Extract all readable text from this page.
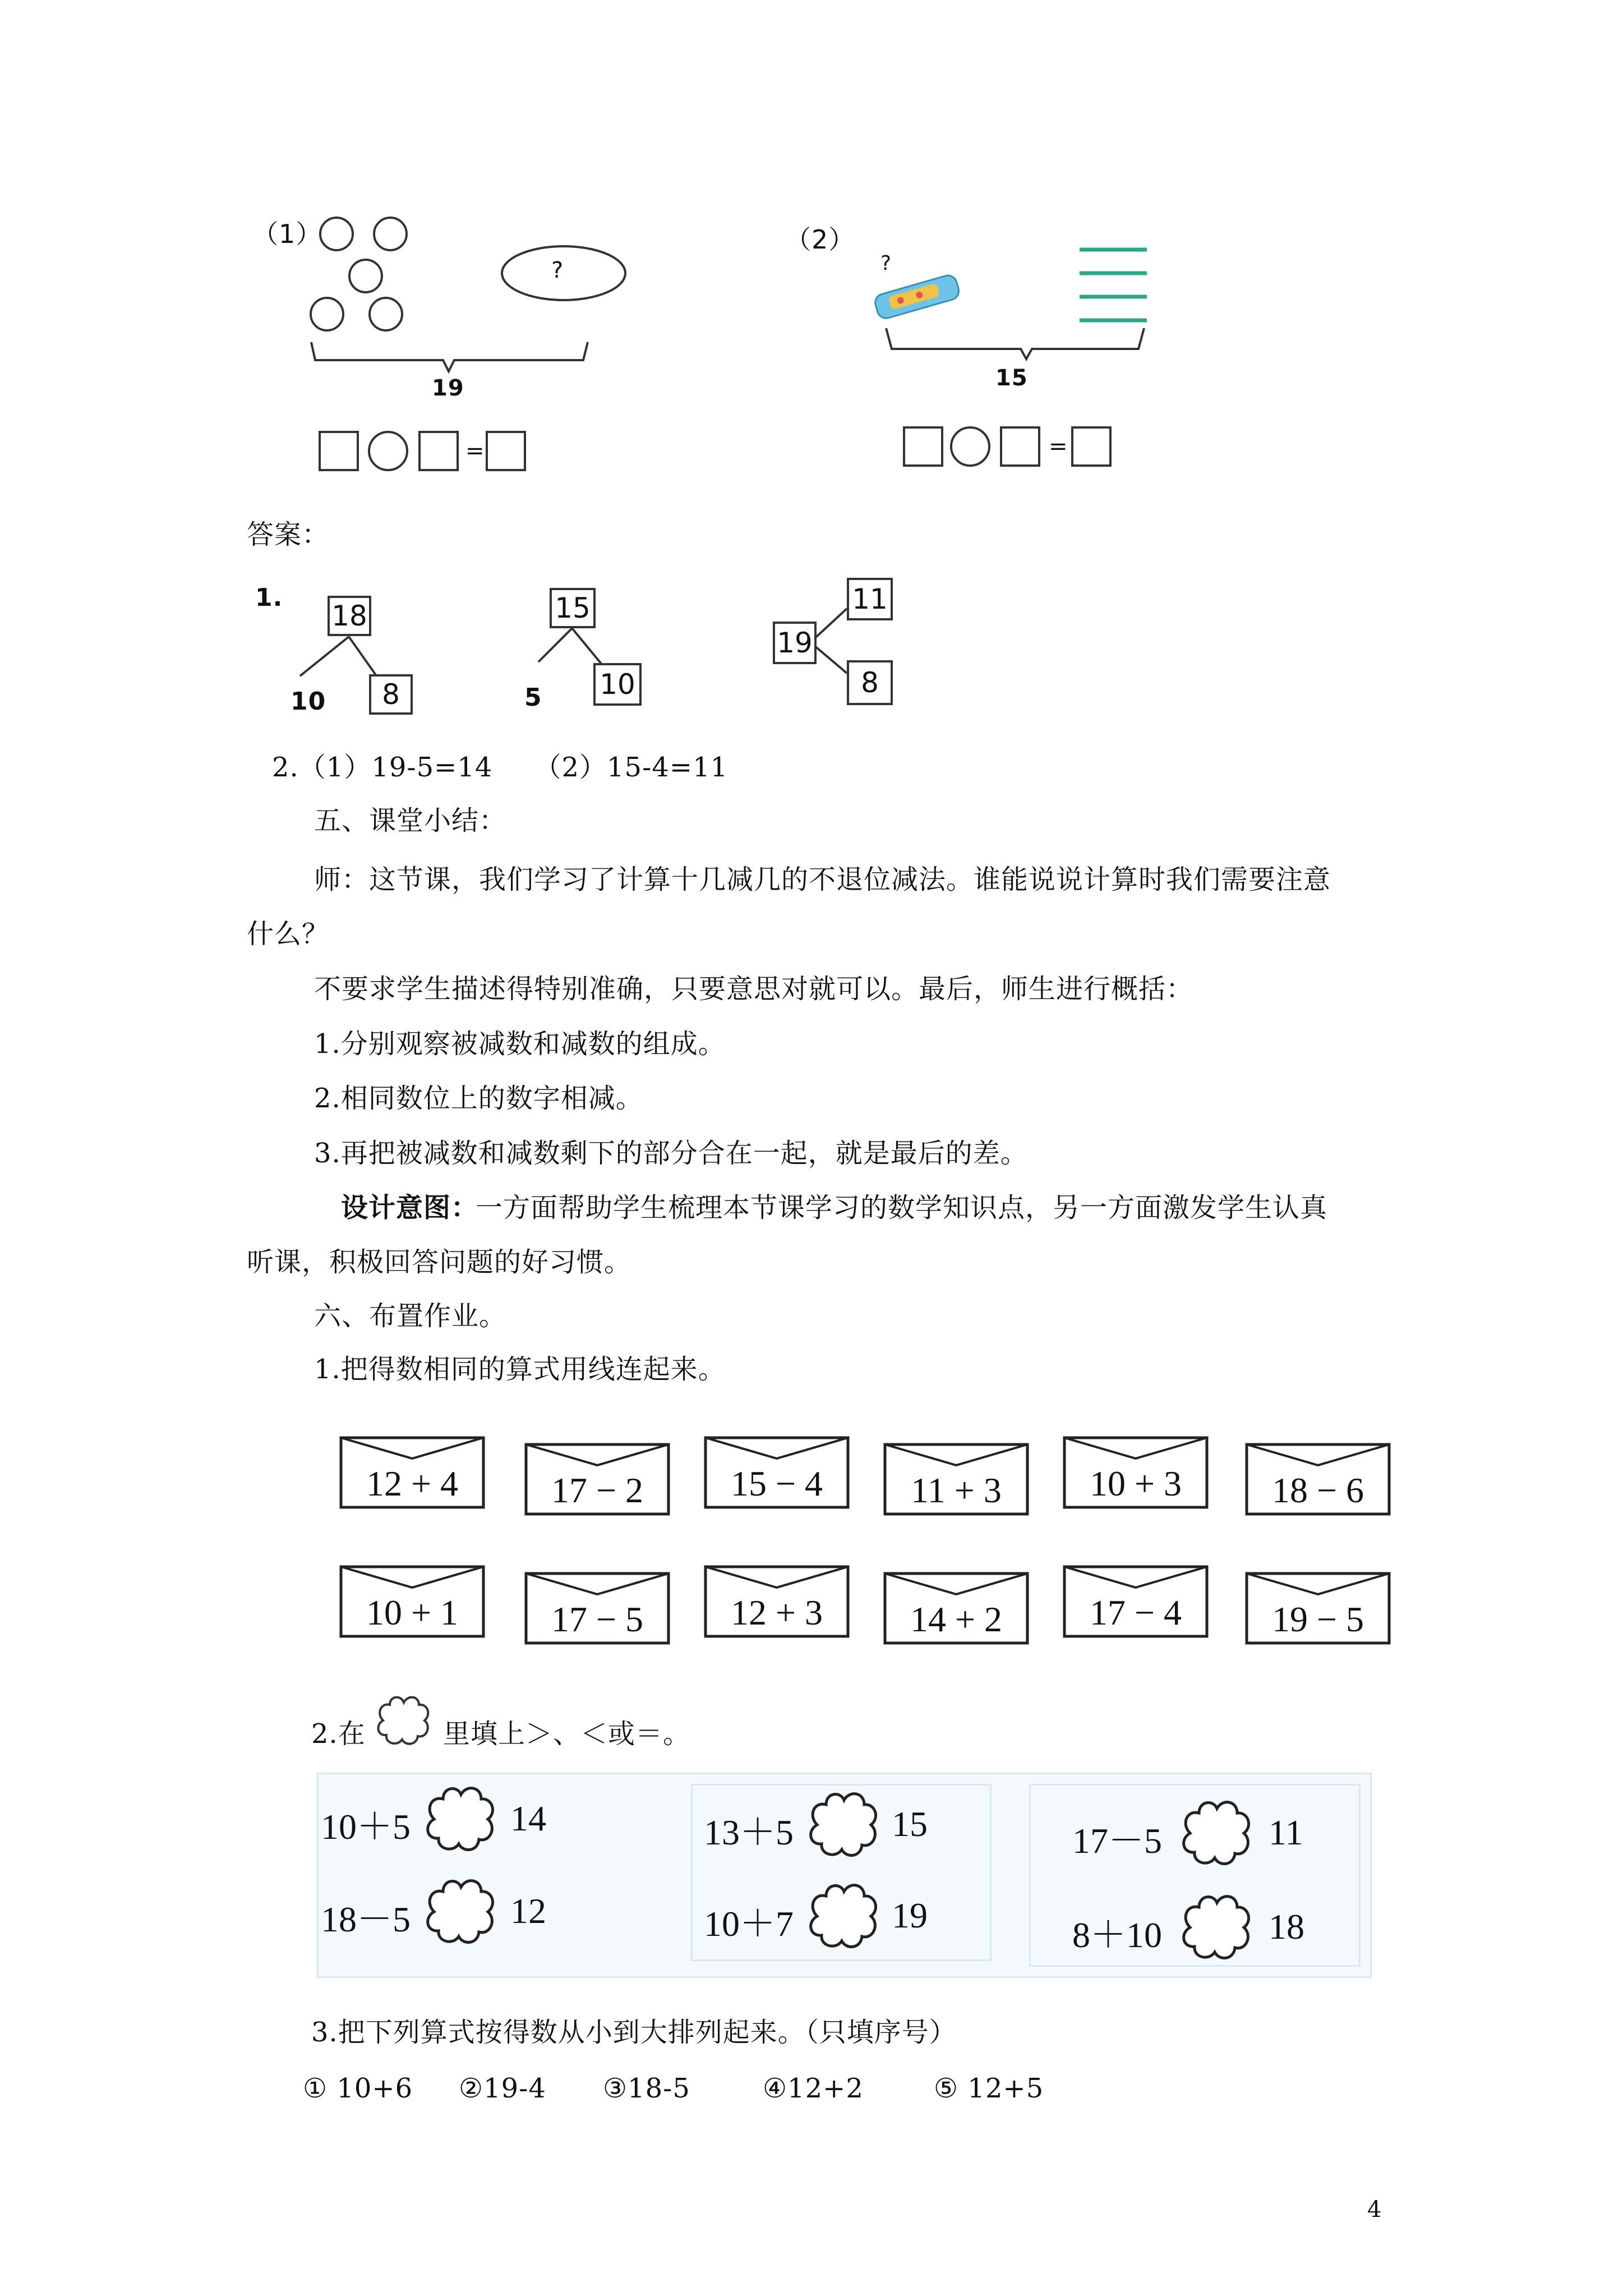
（1）
?
19
=
（2）
?
15
=
答案：
1.
18
10	8
15
5 10
19
11
8
2.（1）19-5=14　　（2）15-4=11
五、课堂小结：
师：这节课，我们学习了计算十几减几的不退位减法。谁能说说计算时我们需要注意
什么？
不要求学生描述得特别准确，只要意思对就可以。最后，师生进行概括：
1.分别观察被减数和减数的组成。
2.相同数位上的数字相减。
3.再把被减数和减数剩下的部分合在一起，就是最后的差。
设计意图：
一方面帮助学生梳理本节课学习的数学知识点，另一方面激发学生认真
听课，积极回答问题的好习惯。
六、布置作业。
1.把得数相同的算式用线连起来。
12 + 4	17 − 2	15 − 4	11 + 3	10 + 3	18 − 6
10 + 1	17 − 5	12 + 3	14 + 2	17 − 4	19 − 5
2.在	里填上＞、＜或＝。
10＋5	14
18－5	12
13＋5	15
10＋7	19
17－5	11
8＋10	18
3.把下列算式按得数从小到大排列起来。（只填序号）
① 10+6 ②19-4 ③18-5	④12+2	⑤ 12+5
4
